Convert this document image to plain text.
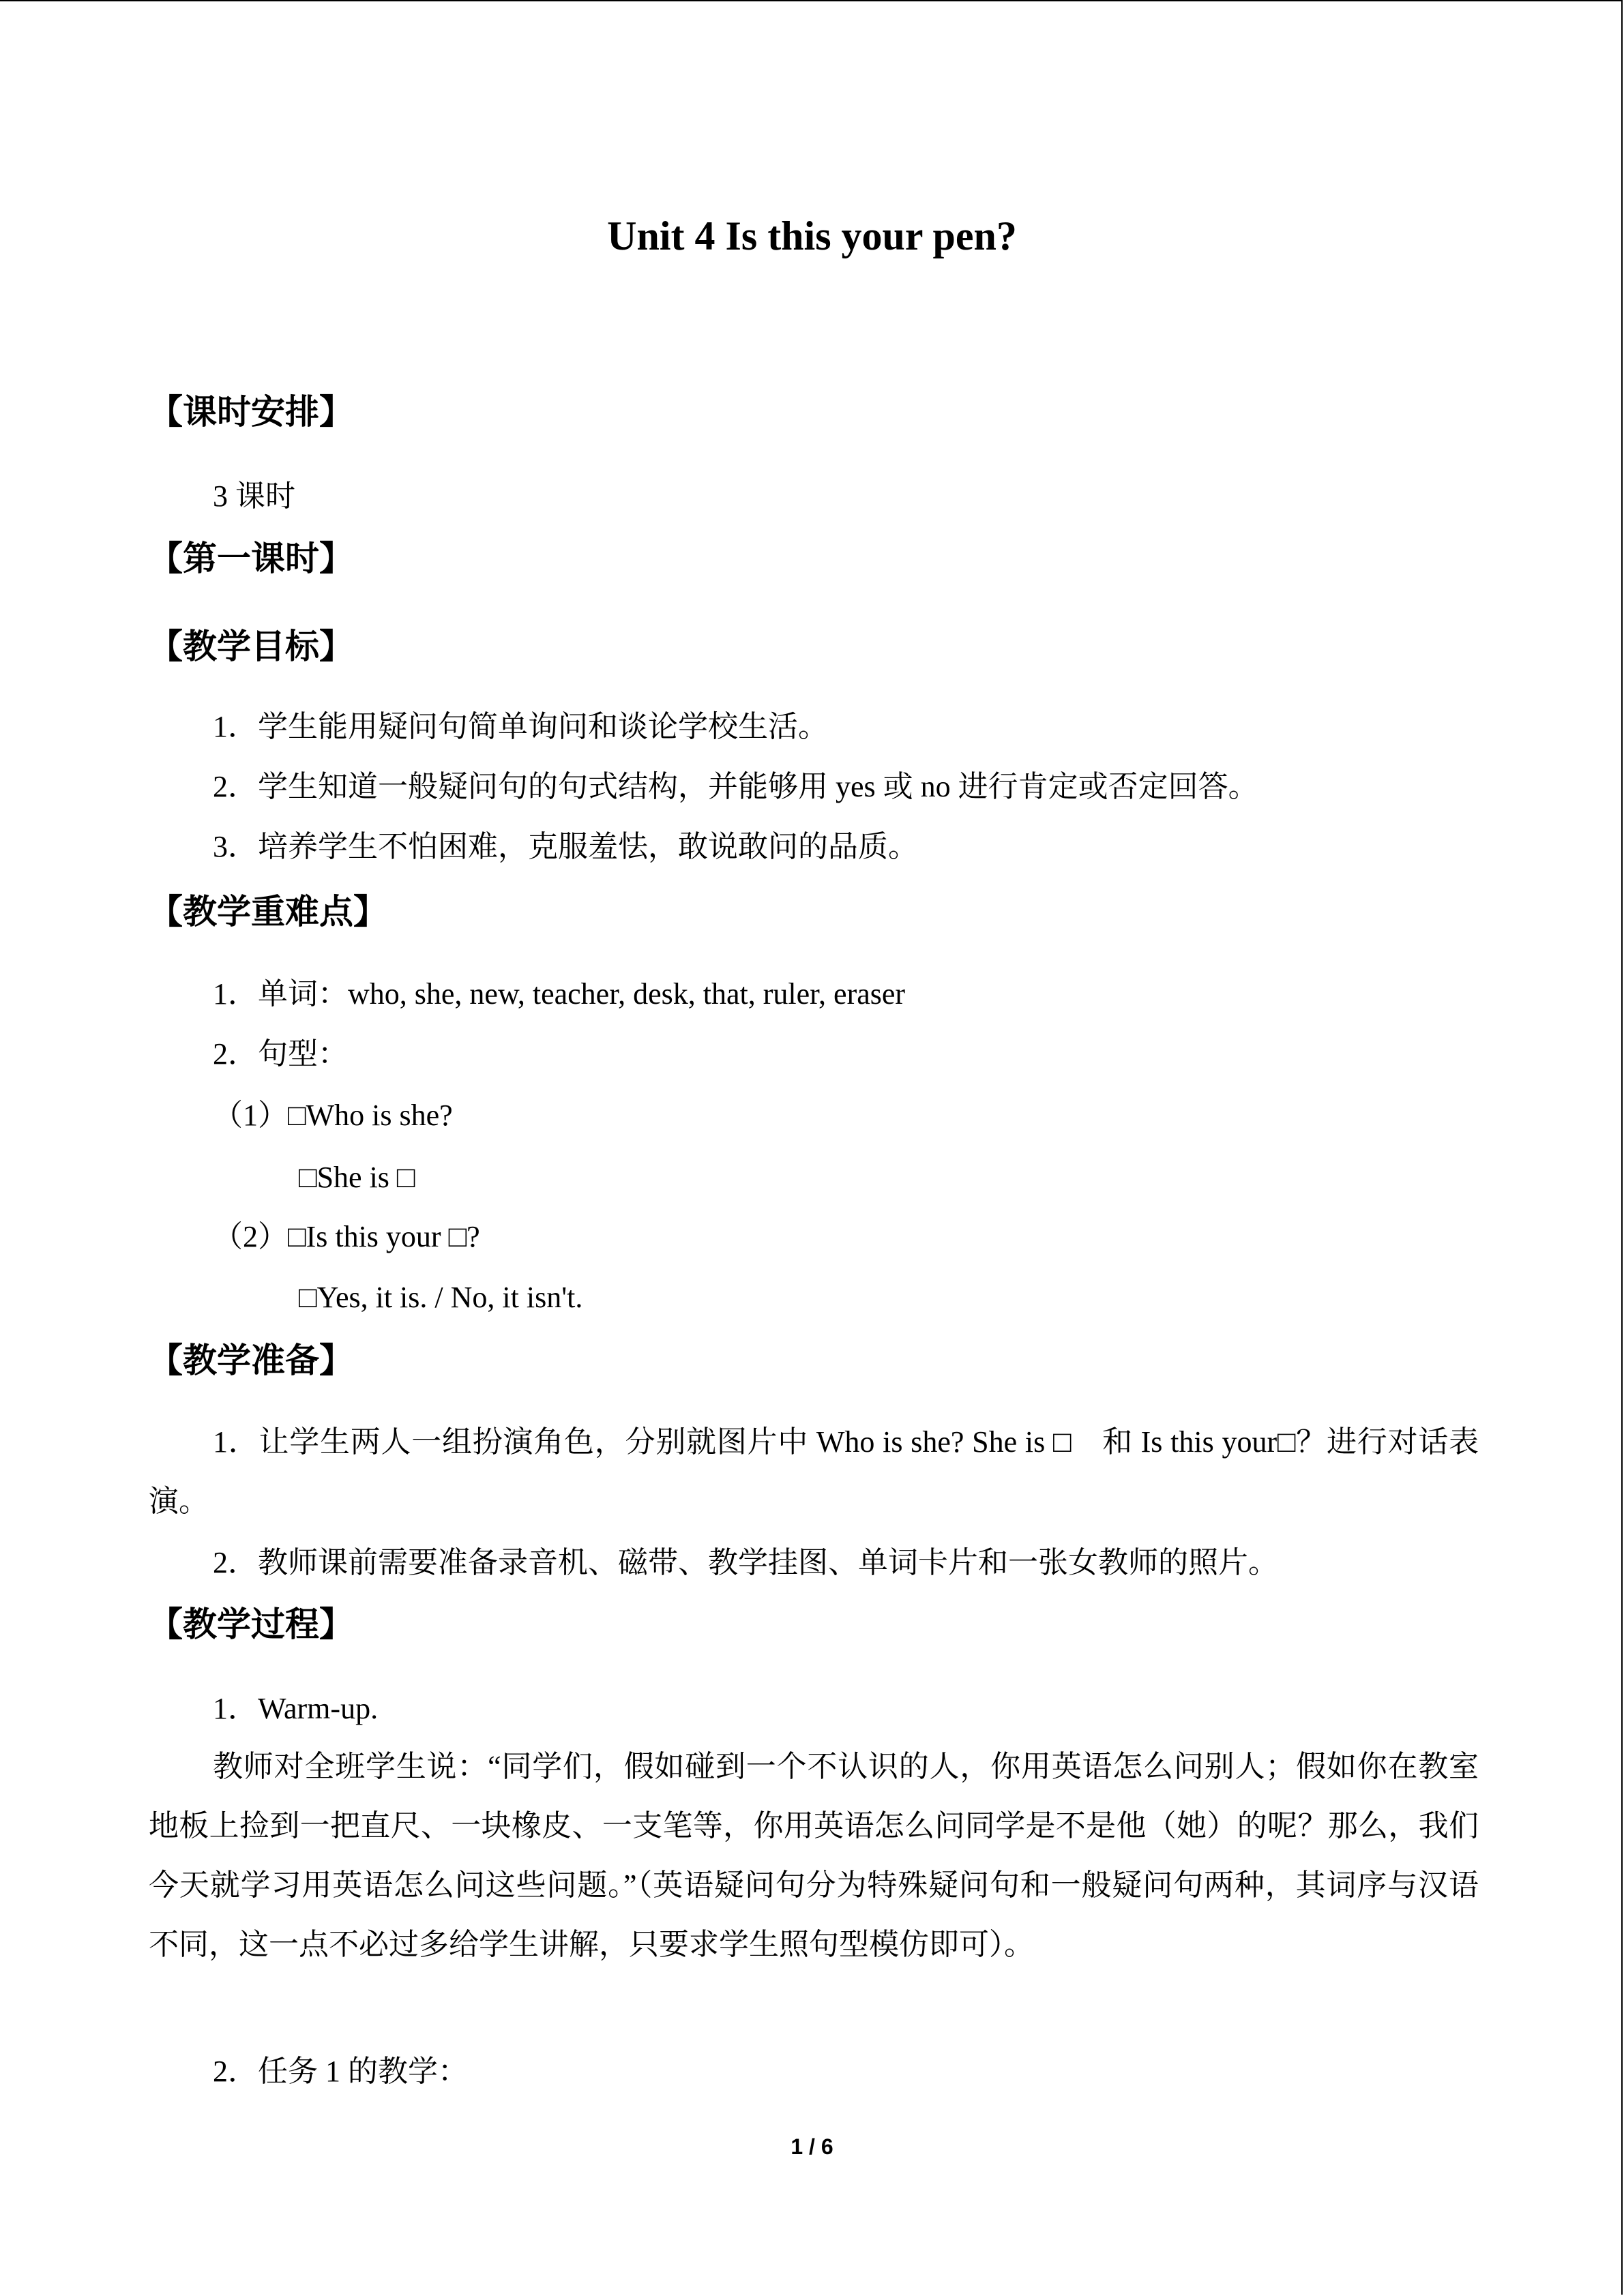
Unit 4 Is this your pen?
【课时安排】
3 课时
【第一课时】
【教学目标】
1．学生能用疑问句简单询问和谈论学校生活。
2．学生知道一般疑问句的句式结构，并能够用 yes 或 no 进行肯定或否定回答。
3．培养学生不怕困难，克服羞怯，敢说敢问的品质。
【教学重难点】
1．单词：who, she, new, teacher, desk, that, ruler, eraser
2．句型：
（1）□Who is she?
□She is □
（2）□Is this your □?
□Yes, it is. / No, it isn't.
【教学准备】

1．让学生两人一组扮演角色，分别就图片中 Who is she? She is □　和 Is this your□？进行对话表演。

2．教师课前需要准备录音机、磁带、教学挂图、单词卡片和一张女教师的照片。
【教学过程】
1．Warm-up.

教师对全班学生说：“同学们，假如碰到一个不认识的人，你用英语怎么问别人；假如你在教室地板上捡到一把直尺、一块橡皮、一支笔等，你用英语怎么问同学是不是他（她）的呢？那么，我们今天就学习用英语怎么问这些问题。”（英语疑问句分为特殊疑问句和一般疑问句两种，其词序与汉语不同，这一点不必过多给学生讲解，只要求学生照句型模仿即可）。

2．任务 1 的教学：
1 / 6
